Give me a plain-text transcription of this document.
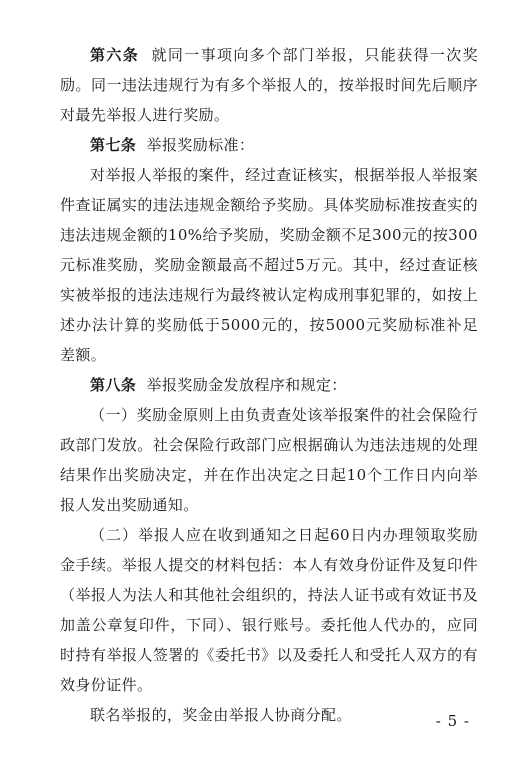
第六条 就同一事项向多个部门举报，只能获得一次奖励。同一违法违规行为有多个举报人的，按举报时间先后顺序对最先举报人进行奖励。

第七条 举报奖励标准：

对举报人举报的案件，经过查证核实，根据举报人举报案件查证属实的违法违规金额给予奖励。具体奖励标准按查实的违法违规金额的10%给予奖励，奖励金额不足300元的按300元标准奖励，奖励金额最高不超过5万元。其中，经过查证核实被举报的违法违规行为最终被认定构成刑事犯罪的，如按上述办法计算的奖励低于5000元的，按5000元奖励标准补足差额。

第八条 举报奖励金发放程序和规定：

（一）奖励金原则上由负责查处该举报案件的社会保险行政部门发放。社会保险行政部门应根据确认为违法违规的处理结果作出奖励决定，并在作出决定之日起10个工作日内向举报人发出奖励通知。

（二）举报人应在收到通知之日起60日内办理领取奖励金手续。举报人提交的材料包括：本人有效身份证件及复印件（举报人为法人和其他社会组织的，持法人证书或有效证书及加盖公章复印件，下同）、银行账号。委托他人代办的，应同时持有举报人签署的《委托书》以及委托人和受托人双方的有效身份证件。

联名举报的，奖金由举报人协商分配。	- 5 -
